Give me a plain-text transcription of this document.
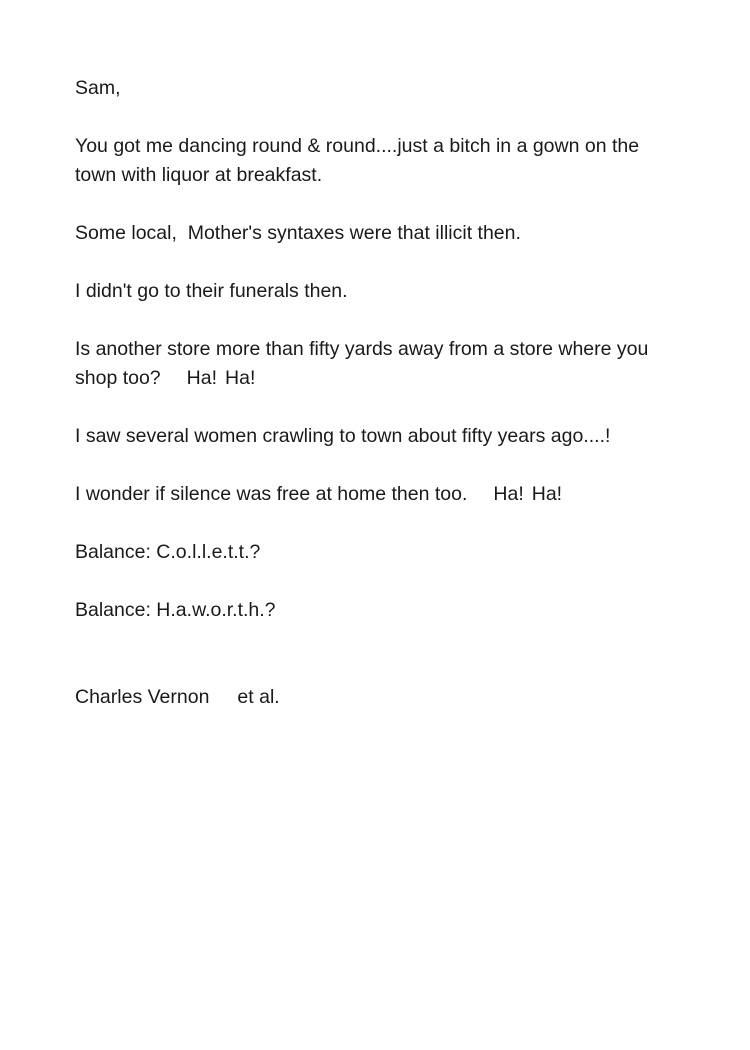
Sam,

You got me dancing round & round....just a bitch in a gown on the town with liquor at breakfast.

Some local,  Mother's syntaxes were that illicit then.

I didn't go to their funerals then.

Is another store more than fifty yards away from a store where you shop too? Ha! Ha!

I saw several women crawling to town about fifty years ago....!

I wonder if silence was free at home then too. Ha! Ha!

Balance: C.o.l.l.e.t.t.?

Balance: H.a.w.o.r.t.h.?

Charles Vernon et al.
